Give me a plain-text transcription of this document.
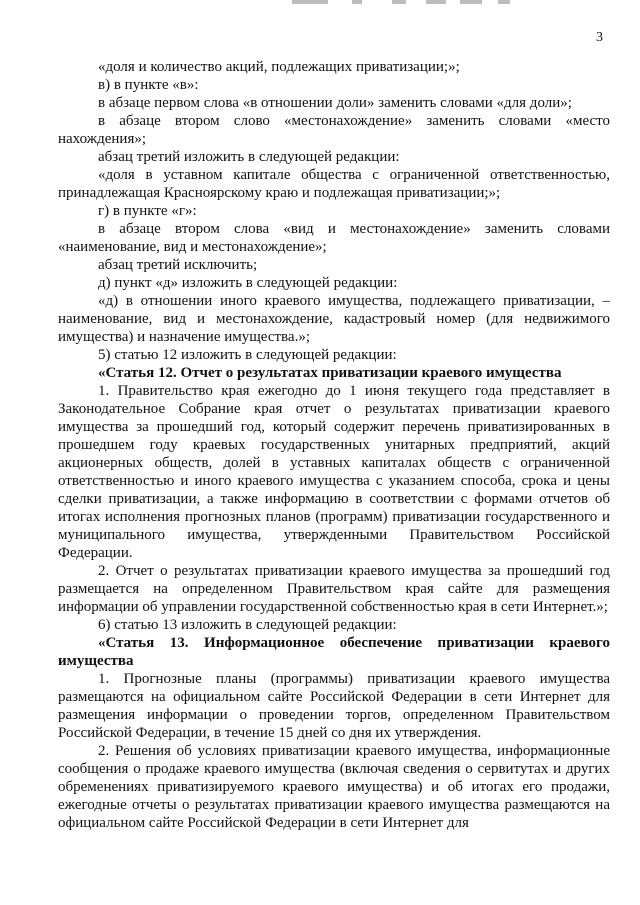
3

«доля и количество акций, подлежащих приватизации;»;

в) в пункте «в»:

в абзаце первом слова «в отношении доли» заменить словами «для доли»;

в абзаце втором слово «местонахождение» заменить словами «место нахождения»;

абзац третий изложить в следующей редакции:

«доля в уставном капитале общества с ограниченной ответственностью, принадлежащая Красноярскому краю и подлежащая приватизации;»;

г) в пункте «г»:

в абзаце втором слова «вид и местонахождение» заменить словами «наименование, вид и местонахождение»;

абзац третий исключить;

д) пункт «д» изложить в следующей редакции:

«д) в отношении иного краевого имущества, подлежащего приватизации, – наименование, вид и местонахождение, кадастровый номер (для недвижимого имущества) и назначение имущества.»;

5) статью 12 изложить в следующей редакции:

«Статья 12. Отчет о результатах приватизации краевого имущества

1. Правительство края ежегодно до 1 июня текущего года представляет в Законодательное Собрание края отчет о результатах приватизации краевого имущества за прошедший год, который содержит перечень приватизированных в прошедшем году краевых государственных унитарных предприятий, акций акционерных обществ, долей в уставных капиталах обществ с ограниченной ответственностью и иного краевого имущества с указанием способа, срока и цены сделки приватизации, а также информацию в соответствии с формами отчетов об итогах исполнения прогнозных планов (программ) приватизации государственного и муниципального имущества, утвержденными Правительством Российской Федерации.

2. Отчет о результатах приватизации краевого имущества за прошедший год размещается на определенном Правительством края сайте для размещения информации об управлении государственной собственностью края в сети Интернет.»;

6) статью 13 изложить в следующей редакции:

«Статья 13. Информационное обеспечение приватизации краевого имущества

1. Прогнозные планы (программы) приватизации краевого имущества размещаются на официальном сайте Российской Федерации в сети Интернет для размещения информации о проведении торгов, определенном Правительством Российской Федерации, в течение 15 дней со дня их утверждения.

2. Решения об условиях приватизации краевого имущества, информационные сообщения о продаже краевого имущества (включая сведения о сервитутах и других обременениях приватизируемого краевого имущества) и об итогах его продажи, ежегодные отчеты о результатах приватизации краевого имущества размещаются на официальном сайте Российской Федерации в сети Интернет для
